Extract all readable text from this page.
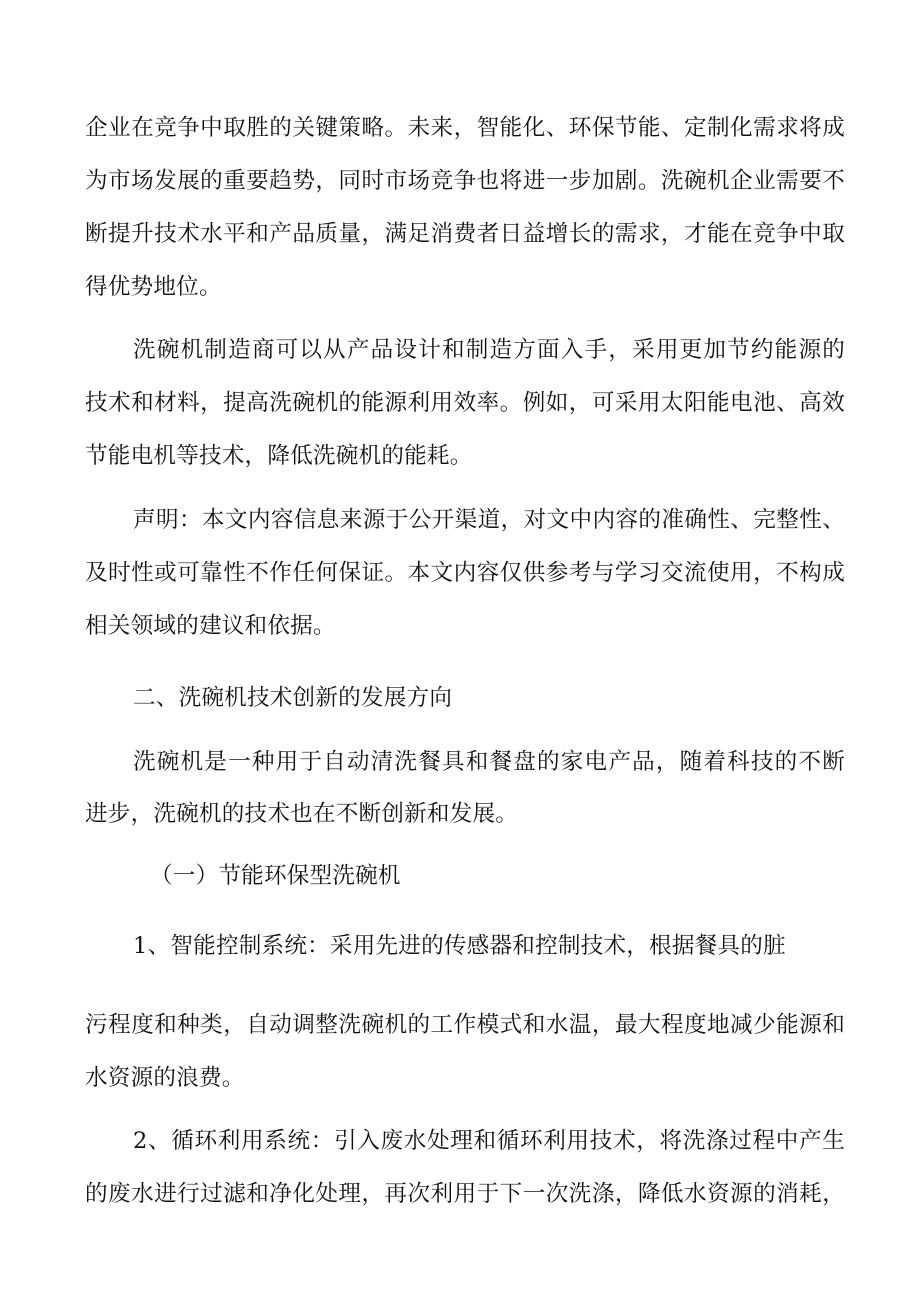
企业在竞争中取胜的关键策略。未来，智能化、环保节能、定制化需求将成
为市场发展的重要趋势，同时市场竞争也将进一步加剧。洗碗机企业需要不
断提升技术水平和产品质量，满足消费者日益增长的需求，才能在竞争中取
得优势地位。
洗碗机制造商可以从产品设计和制造方面入手，采用更加节约能源的
技术和材料，提高洗碗机的能源利用效率。例如，可采用太阳能电池、高效
节能电机等技术，降低洗碗机的能耗。
声明：本文内容信息来源于公开渠道，对文中内容的准确性、完整性、
及时性或可靠性不作任何保证。本文内容仅供参考与学习交流使用，不构成
相关领域的建议和依据。
二、洗碗机技术创新的发展方向
洗碗机是一种用于自动清洗餐具和餐盘的家电产品，随着科技的不断
进步，洗碗机的技术也在不断创新和发展。
（一）节能环保型洗碗机
1、智能控制系统：采用先进的传感器和控制技术，根据餐具的脏
污程度和种类，自动调整洗碗机的工作模式和水温，最大程度地减少能源和
水资源的浪费。
2、循环利用系统：引入废水处理和循环利用技术，将洗涤过程中产生
的废水进行过滤和净化处理，再次利用于下一次洗涤，降低水资源的消耗，
